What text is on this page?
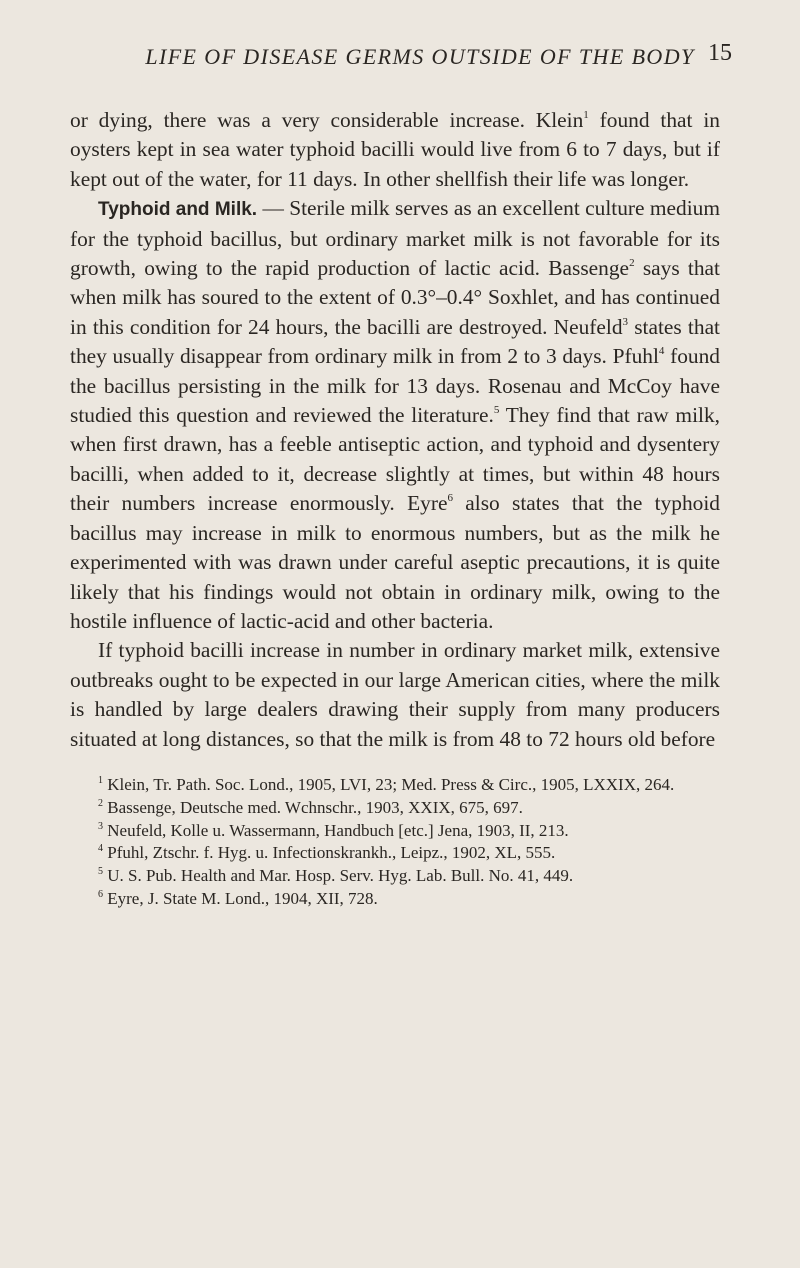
LIFE OF DISEASE GERMS OUTSIDE OF THE BODY 15

or dying, there was a very considerable increase. Klein$^1$ found that in oysters kept in sea water typhoid bacilli would live from 6 to 7 days, but if kept out of the water, for 11 days. In other shellfish their life was longer.

Typhoid and Milk. — Sterile milk serves as an excellent culture medium for the typhoid bacillus, but ordinary market milk is not favorable for its growth, owing to the rapid production of lactic acid. Bassenge$^2$ says that when milk has soured to the extent of 0.3°–0.4° Soxhlet, and has continued in this condition for 24 hours, the bacilli are destroyed. Neufeld$^3$ states that they usually disappear from ordinary milk in from 2 to 3 days. Pfuhl$^4$ found the bacillus persisting in the milk for 13 days. Rosenau and McCoy have studied this question and reviewed the literature.$^5$ They find that raw milk, when first drawn, has a feeble antiseptic action, and typhoid and dysentery bacilli, when added to it, decrease slightly at times, but within 48 hours their numbers increase enormously. Eyre$^6$ also states that the typhoid bacillus may increase in milk to enormous numbers, but as the milk he experimented with was drawn under careful aseptic precautions, it is quite likely that his findings would not obtain in ordinary milk, owing to the hostile influence of lactic-acid and other bacteria.

If typhoid bacilli increase in number in ordinary market milk, extensive outbreaks ought to be expected in our large American cities, where the milk is handled by large dealers drawing their supply from many producers situated at long distances, so that the milk is from 48 to 72 hours old before

$^1$ Klein, Tr. Path. Soc. Lond., 1905, LVI, 23; Med. Press & Circ., 1905, LXXIX, 264.

$^2$ Bassenge, Deutsche med. Wchnschr., 1903, XXIX, 675, 697.

$^3$ Neufeld, Kolle u. Wassermann, Handbuch [etc.] Jena, 1903, II, 213.

$^4$ Pfuhl, Ztschr. f. Hyg. u. Infectionskrankh., Leipz., 1902, XL, 555.

$^5$ U. S. Pub. Health and Mar. Hosp. Serv. Hyg. Lab. Bull. No. 41, 449.

$^6$ Eyre, J. State M. Lond., 1904, XII, 728.
